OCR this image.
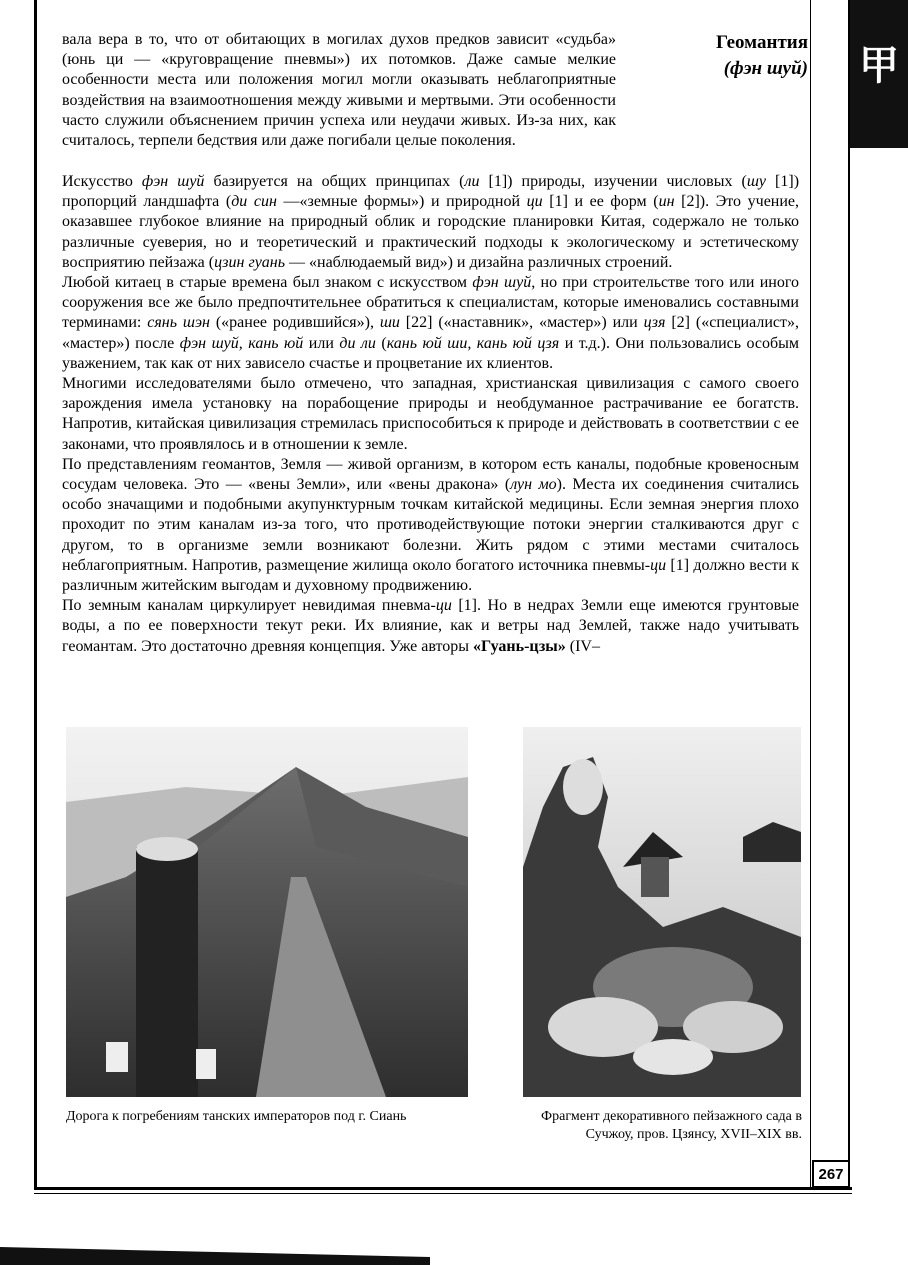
甲
Геомантия
(фэн шуй)

вала вера в то, что от обитающих в могилах духов предков зависит «судьба» (юнь ци — «круговращение пневмы») их потомков. Даже самые мелкие особенности места или положения могил могли оказывать неблагоприятные воздействия на взаимоотношения между живыми и мертвыми. Эти особенности часто служили объяснением причин успеха или неудачи живых. Из-за них, как считалось, терпели бедствия или даже погибали целые поколения.

Искусство фэн шуй базируется на общих принципах (ли [1]) природы, изучении числовых (шу [1]) пропорций ландшафта (ди син —«земные формы») и природной ци [1] и ее форм (ин [2]). Это учение, оказавшее глубокое влияние на природный облик и городские планировки Китая, содержало не только различные суеверия, но и теоретический и практический подходы к экологическому и эстетическому восприятию пейзажа (цзин гуань — «наблюдаемый вид») и дизайна различных строений.

Любой китаец в старые времена был знаком с искусством фэн шуй, но при строительстве того или иного сооружения все же было предпочтительнее обратиться к специалистам, которые именовались составными терминами: сянь шэн («ранее родившийся»), ши [22] («наставник», «мастер») или цзя [2] («специалист», «мастер») после фэн шуй, кань юй или ди ли (кань юй ши, кань юй цзя и т.д.). Они пользовались особым уважением, так как от них зависело счастье и процветание их клиентов.

Многими исследователями было отмечено, что западная, христианская цивилизация с самого своего зарождения имела установку на порабощение природы и необдуманное растрачивание ее богатств. Напротив, китайская цивилизация стремилась приспособиться к природе и действовать в соответствии с ее законами, что проявлялось и в отношении к земле.

По представлениям геомантов, Земля — живой организм, в котором есть каналы, подобные кровеносным сосудам человека. Это — «вены Земли», или «вены дракона» (лун мо). Места их соединения считались особо значащими и подобными акупунктурным точкам китайской медицины. Если земная энергия плохо проходит по этим каналам из-за того, что противодействующие потоки энергии сталкиваются друг с другом, то в организме земли возникают болезни. Жить рядом с этими местами считалось неблагоприятным. Напротив, размещение жилища около богатого источника пневмы-ци [1] должно вести к различным житейским выгодам и духовному продвижению.

По земным каналам циркулирует невидимая пневма-ци [1]. Но в недрах Земли еще имеются грунтовые воды, а по ее поверхности текут реки. Их влияние, как и ветры над Землей, также надо учитывать геомантам. Это достаточно древняя концепция. Уже авторы «Гуань-цзы» (IV–

Дорога к погребениям танских императоров под г. Сиань	Фрагмент декоративного пейзажного сада в Сучжоу, пров. Цзянсу, XVII–XIX вв.
267
